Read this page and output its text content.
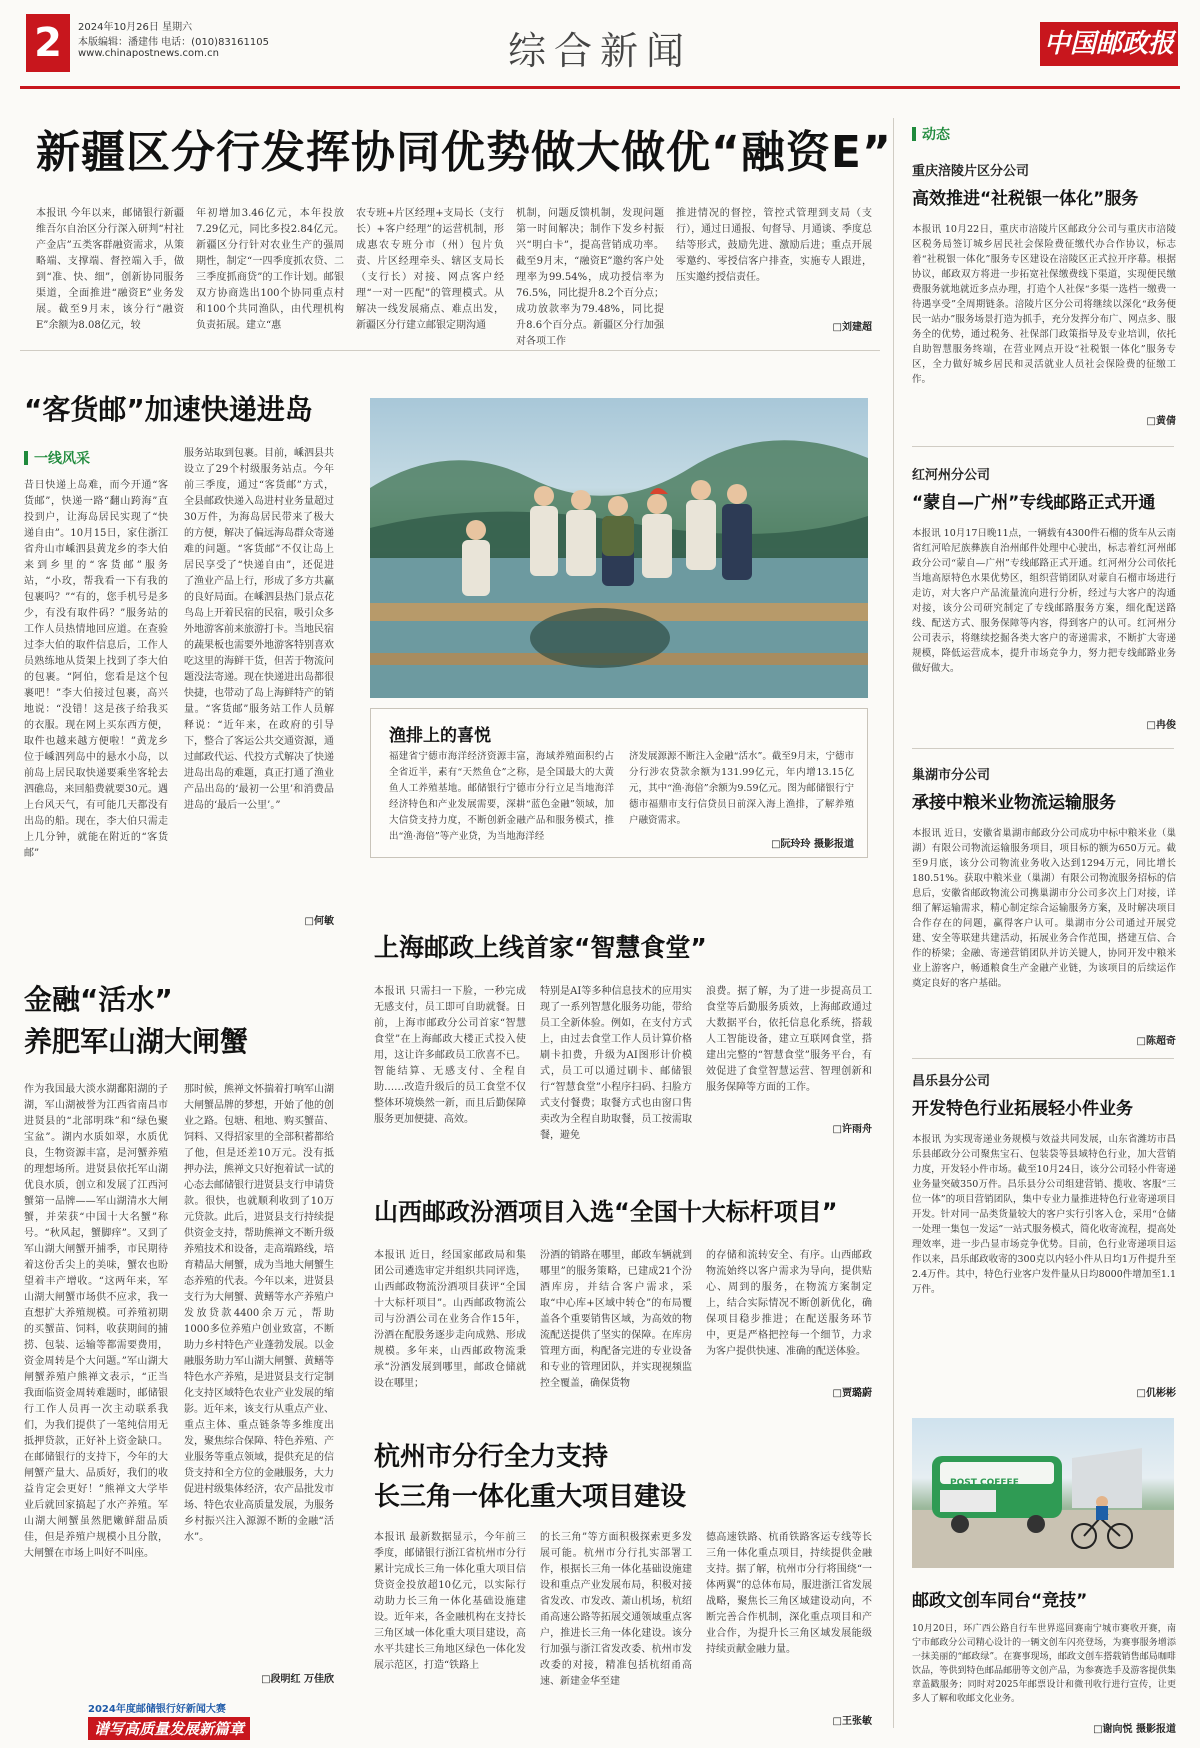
2	2024年10月26日 星期六
本版编辑：潘建伟 电话：(010)83161105
www.chinapostnews.com.cn	综合新闻	中国邮政报
新疆区分行发挥协同优势做大做优“融资E”
本报讯 今年以来，邮储银行新疆维吾尔自治区分行深入研判“村社产金店”五类客群融资需求，从策略端、支撑端、督控端入手，做到“准、快、细”，创新协同服务渠道，全面推进“融资E”业务发展。截至9月末，该分行“融资E”余额为8.08亿元，较
年初增加3.46亿元，本年投放7.29亿元，同比多投2.84亿元。新疆区分行针对农业生产的强周期性，制定“一四季度抓农贷、二三季度抓商贷”的工作计划。邮银双方协商选出100个协同重点村和100个共同渔队，由代理机构负责拓展。建立“惠
农专班+片区经理+支局长（支行长）+客户经理”的运营机制，形成惠农专班分市（州）包片负责、片区经理牵头、辖区支局长（支行长）对接、网点客户经理“一对一匹配”的管理模式。从解决一线发展痛点、难点出发，新疆区分行建立邮银定期沟通
机制，问题反馈机制，发现问题第一时间解决；制作下发乡村振兴“明白卡”，提高营销成功率。截至9月末，“融资E”邀约客户处理率为99.54%，成功授信率为76.5%，同比提升8.2个百分点；成功放款率为79.48%，同比提升8.6个百分点。新疆区分行加强对各项工作
推进情况的督控，管控式管理到支局（支行），通过日通报、旬督导、月通谈、季度总结等形式，鼓励先进、激励后进；重点开展零邀约、零授信客户排查，实施专人跟进，压实邀约授信责任。
□刘建超
“客货邮”加速快递进岛
一线风采
昔日快递上岛难，而今开通“客货邮”，快递一路“翻山跨海”直投到户，让海岛居民实现了“快递自由”。10月15日，家住浙江省舟山市嵊泗县黄龙乡的李大伯来到乡里的“客货邮”服务站，“小玫，帮我看一下有我的包裹吗？”“有的，您手机号是多少，有没有取件码？”服务站的工作人员热情地回应道。在查验过李大伯的取件信息后，工作人员熟练地从货架上找到了李大伯的包裹。“阿伯，您看是这个包裹吧！”李大伯接过包裹，高兴地说：“没错！这是孩子给我买的衣服。现在网上买东西方便，取件也越来越方便啦！”黄龙乡位于嵊泗列岛中的悬水小岛，以前岛上居民取快递要乘坐客轮去泗礁岛，来回船费就要30元。遇上台风天气，有可能几天都没有出岛的船。现在，李大伯只需走上几分钟，就能在附近的“客货邮”
服务站取到包裹。目前，嵊泗县共设立了29个村级服务站点。今年前三季度，通过“客货邮”方式，全县邮政快递入岛进村业务量超过30万件，为海岛居民带来了极大的方便，解决了偏远海岛群众寄递难的问题。“客货邮”不仅让岛上居民享受了“快递自由”，还促进了渔业产品上行，形成了多方共赢的良好局面。在嵊泗县热门景点花鸟岛上开着民宿的民宿，吸引众多外地游客前来旅游打卡。当地民宿的蔬果板也需要外地游客特别喜欢吃这里的海鲜干货，但苦于物流问题没法寄递。现在快递进出岛都很快捷，也带动了岛上海鲜特产的销量。“客货邮”服务站工作人员解释说：“近年来，在政府的引导下，整合了客运公共交通资源，通过邮政代运、代投方式解决了快递进岛出岛的难题，真正打通了渔业产品出岛的‘最初一公里’和消费品进岛的‘最后一公里’。”
□何敏
渔排上的喜悦
福建省宁德市海洋经济资源丰富，海域养殖面积约占全省近半，素有“天然鱼仓”之称，是全国最大的大黄鱼人工养殖基地。邮储银行宁德市分行立足当地海洋经济特色和产业发展需要，深耕“蓝色金融”领域，加大信贷支持力度，不断创新金融产品和服务模式，推出“渔·海倍”等产业贷，为当地海洋经
济发展源源不断注入金融“活水”。截至9月末，宁德市分行涉农贷款余额为131.99亿元，年内增13.15亿元，其中“渔·海倍”余额为9.59亿元。图为邮储银行宁德市福鼎市支行信贷员日前深入海上渔排，了解养殖户融资需求。
□阮玲玲 摄影报道
上海邮政上线首家“智慧食堂”
本报讯 只需扫一下脸，一秒完成无感支付，员工即可自助就餐。日前，上海市邮政分公司首家“智慧食堂”在上海邮政大楼正式投入使用，这让许多邮政员工欣喜不已。智能结算、无感支付、全程自助……改造升级后的员工食堂不仅整体环境焕然一新，而且后勤保障服务更加便捷、高效。
特别是AI等多种信息技术的应用实现了一系列智慧化服务功能，带给员工全新体验。例如，在支付方式上，由过去食堂工作人员计算价格刷卡扣费，升级为AI图形计价模式，员工可以通过刷卡、邮储银行“智慧食堂”小程序扫码、扫脸方式支付餐费；取餐方式也由窗口售卖改为全程自助取餐，员工按需取餐，避免
浪费。据了解，为了进一步提高员工食堂等后勤服务质效，上海邮政通过大数据平台，依托信息化系统，搭载人工智能设备，建立互联网食堂，搭建出完整的“智慧食堂”服务平台，有效促进了食堂智慧运营、智理创新和服务保障等方面的工作。
□许雨舟
金融“活水”
养肥军山湖大闸蟹
作为我国最大淡水湖鄱阳湖的子湖，军山湖被誉为江西省南昌市进贤县的“北部明珠”和“绿色聚宝盆”。湖内水质如翠，水质优良，生物资源丰富，是河蟹养殖的理想场所。进贤县依托军山湖优良水质，创立和发展了江西河蟹第一品牌——军山湖清水大闸蟹，并荣获“中国十大名蟹”称号。“秋风起，蟹脚痒”。又到了军山湖大闸蟹开捕季，市民期待着这份舌尖上的美味，蟹农也盼望着丰产增收。“这两年来，军山湖大闸蟹市场供不应求，我一直想扩大养殖规模。可养殖初期的买蟹苗、饲料，收获期间的捕捞、包装、运输等都需要费用，资金周转是个大问题。”军山湖大闸蟹养殖户熊禅文表示，“正当我面临资金周转难题时，邮储银行工作人员再一次主动联系我们，为我们提供了一笔纯信用无抵押贷款，正好补上资金缺口。在邮储银行的支持下，今年的大闸蟹产量大、品质好，我们的收益肯定会更好！”熊禅文大学毕业后就回家搞起了水产养殖。军山湖大闸蟹虽然肥嫩鲜甜品质佳，但是养殖户规模小且分散，大闸蟹在市场上叫好不叫座。
那时候，熊禅文怀揣着打响军山湖大闸蟹品牌的梦想，开始了他的创业之路。包塘、租地、购买蟹苗、饲料、又得招家里的全部积蓄都给了他，但是还差10万元。没有抵押办法，熊禅文只好抱着试一试的心态去邮储银行进贤县支行申请贷款。很快，也就顺利收到了10万元贷款。此后，进贤县支行持续提供资金支持，帮助熊禅文不断升级养殖技术和设备，走高端路线，培育精品大闸蟹，成为当地大闸蟹生态养殖的代表。今年以来，进贤县支行为大闸蟹、黄鳝等水产养殖户发放贷款4400余万元，帮助1000多位养殖户创业致富，不断助力乡村特色产业蓬勃发展。以金融服务助力军山湖大闸蟹、黄鳝等特色水产养殖，是进贤县支行定制化支持区域特色农业产业发展的缩影。近年来，该支行从重点产业、重点主体、重点链条等多维度出发，聚焦综合保障、特色养殖、产业服务等重点领域，提供充足的信贷支持和全方位的金融服务，大力促进村级集体经济，农产品批发市场、特色农业高质量发展，为服务乡村振兴注入源源不断的金融“活水”。
□段明红 万佳欣
山西邮政汾酒项目入选“全国十大标杆项目”
本报讯 近日，经国家邮政局和集团公司遴选审定并组织共同评选，山西邮政物流汾酒项目获评“全国十大标杆项目”。山西邮政物流公司与汾酒公司在业务合作15年，汾酒在配股务逐步走向成熟、形成规模。多年来，山西邮政物流秉承“汾酒发展到哪里，邮政仓储就设在哪里；
汾酒的销路在哪里，邮政车辆就到哪里”的服务策略，已建成21个汾酒库房，并结合客户需求，采取“中心库+区域中转仓”的布局覆盖各个重要销售区域，为高效的物流配送提供了坚实的保障。在库房管理方面，构配备完进的专业设备和专业的管理团队，并实现视频监控全覆盖，确保货物
的存储和流转安全、有序。山西邮政物流始终以客户需求为导向，提供贴心、周到的服务，在物流方案制定上，结合实际情况不断创新优化，确保项目稳步推进；在配送服务环节中，更是严格把控每一个细节，力求为客户提供快速、准确的配送体验。
□贾璐蔚
杭州市分行全力支持
长三角一体化重大项目建设
本报讯 最新数据显示，今年前三季度，邮储银行浙江省杭州市分行累计完成长三角一体化重大项目信贷资金投放超10亿元，以实际行动助力长三角一体化基础设施建设。近年来，各金融机构在支持长三角区域一体化重大项目建设，高水平共建长三角地区绿色一体化发展示范区，打造“铁路上
的长三角”等方面积极探索更多发展可能。杭州市分行扎实部署工作，根据长三角一体化基础设施建设和重点产业发展布局，积极对接省发改、市发改、萧山机场，杭绍甬高速公路等拓展交通领域重点客户，推进长三角一体化建设。该分行加强与浙江省发改委、杭州市发改委的对接，精准包括杭绍甬高速、新建金华至建
德高速铁路、杭甬铁路客运专线等长三角一体化重点项目，持续提供金融支持。据了解，杭州市分行将围绕“一体两翼”的总体布局，服进浙江省发展战略，聚焦长三角区域建设动向，不断完善合作机制，深化重点项目和产业合作，为提升长三角区域发展能级持续贡献金融力量。
□王张敏
2024年度邮储银行好新闻大赛
谱写高质量发展新篇章
动态
重庆涪陵片区分公司
高效推进“社税银一体化”服务
本报讯 10月22日，重庆市涪陵片区邮政分公司与重庆市涪陵区税务局签订城乡居民社会保险费征缴代办合作协议，标志着“社税银一体化”服务专区建设在涪陵区正式拉开序幕。根据协议，邮政双方将进一步拓宽社保缴费线下渠道，实现便民缴费服务就地就近多点办理，打造个人社保“多渠一选档一缴费一待遇享受”全周期链条。涪陵片区分公司将继续以深化“政务便民一站办”服务场景打造为抓手，充分发挥分布广、网点多、服务全的优势，通过税务、社保部门政策指导及专业培训，依托自助智慧服务终端，在营业网点开设“社税银一体化”服务专区，全力做好城乡居民和灵活就业人员社会保险费的征缴工作。
□黄倩
红河州分公司
“蒙自—广州”专线邮路正式开通
本报讯 10月17日晚11点，一辆载有4300件石榴的货车从云南省红河哈尼族彝族自治州邮件处理中心驶出，标志着红河州邮政分公司“蒙自—广州”专线邮路正式开通。红河州分公司依托当地高原特色水果优势区，组织营销团队对蒙自石榴市场进行走访，对大客户产品流量流向进行分析，经过与大客户的沟通对接，该分公司研究制定了专线邮路服务方案，细化配送路线、配送方式、服务保障等内容，得到客户的认可。红河州分公司表示，将继续挖掘各类大客户的寄递需求，不断扩大寄递规模，降低运营成本，提升市场竞争力，努力把专线邮路业务做好做大。
□冉俊
巢湖市分公司
承接中粮米业物流运输服务
本报讯 近日，安徽省巢湖市邮政分公司成功中标中粮米业（巢湖）有限公司物流运输服务项目，项目标的额为650万元。截至9月底，该分公司物流业务收入达到1294万元，同比增长180.51%。获取中粮米业（巢湖）有限公司物流服务招标的信息后，安徽省邮政物流公司携巢湖市分公司多次上门对接，详细了解运输需求，精心制定综合运输服务方案，及时解决项目合作存在的问题，赢得客户认可。巢湖市分公司通过开展党建、安全等联建共建活动，拓展业务合作范围，搭建互信、合作的桥梁；金融、寄递营销团队并访关键人，协同开发中粮米业上游客户，畅通粮食生产金融产业链，为该项目的后续运作奠定良好的客户基础。
□陈超奇
昌乐县分公司
开发特色行业拓展轻小件业务
本报讯 为实现寄递业务规模与效益共同发展，山东省潍坊市昌乐县邮政分公司聚焦宝石、包装袋等县域特色行业，加大营销力度，开发轻小件市场。截至10月24日，该分公司轻小件寄递业务量突破350万件。昌乐县分公司组建营销、揽收、客服“三位一体”的项目营销团队，集中专业力量推进特色行业寄递项目开发。针对同一品类货量较大的客户实行引客入仓，采用“仓储一处理一集包一发运”一站式服务模式，简化收寄流程，提高处理效率，进一步凸显市场竞争优势。目前，色行业寄递项目运作以来，昌乐邮政收寄的300克以内轻小件从日均1万件提升至2.4万件。其中，特色行业客户发件量从日均8000件增加至1.1万件。
□仉彬彬
POST COFFEE
邮政文创车同台“竞技”
10月20日，环广西公路自行车世界巡回赛南宁城市赛收开赛，南宁市邮政分公司精心设计的一辆文创车闪亮登场，为赛事服务增添一抹美丽的“邮政绿”。在赛事现场，邮政文创车搭载销售邮局咖啡饮品，等供到特色邮品邮册等文创产品，为参赛选手及游客提供集章盖戳服务；同时对2025年邮票设计和微刊收行进行宣传，让更多人了解和收邮文化业务。
□谢向悦 摄影报道
